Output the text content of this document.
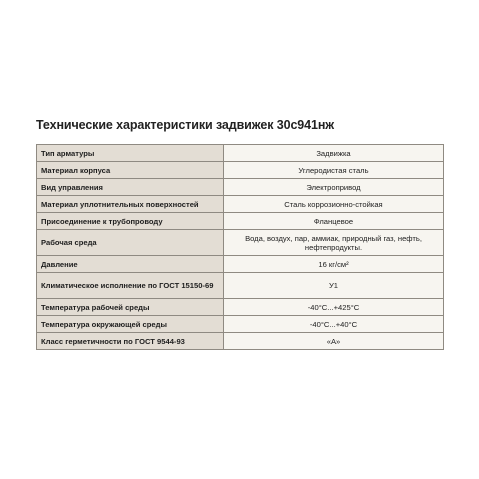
Технические характеристики задвижек 30с941нж
Тип арматуры	Задвижка
Материал корпуса	Углеродистая сталь
Вид управления	Электропривод
Материал уплотнительных поверхностей	Сталь коррозионно-стойкая
Присоединение к трубопроводу	Фланцевое
Рабочая среда	Вода, воздух, пар, аммиак, природный газ, нефть, нефтепродукты.
Давление	16 кг/см²
Климатическое исполнение по ГОСТ 15150-69	У1
Температура рабочей среды	-40°С...+425°С
Температура окружающей среды	-40°С...+40°С
Класс герметичности по ГОСТ 9544-93	«А»
